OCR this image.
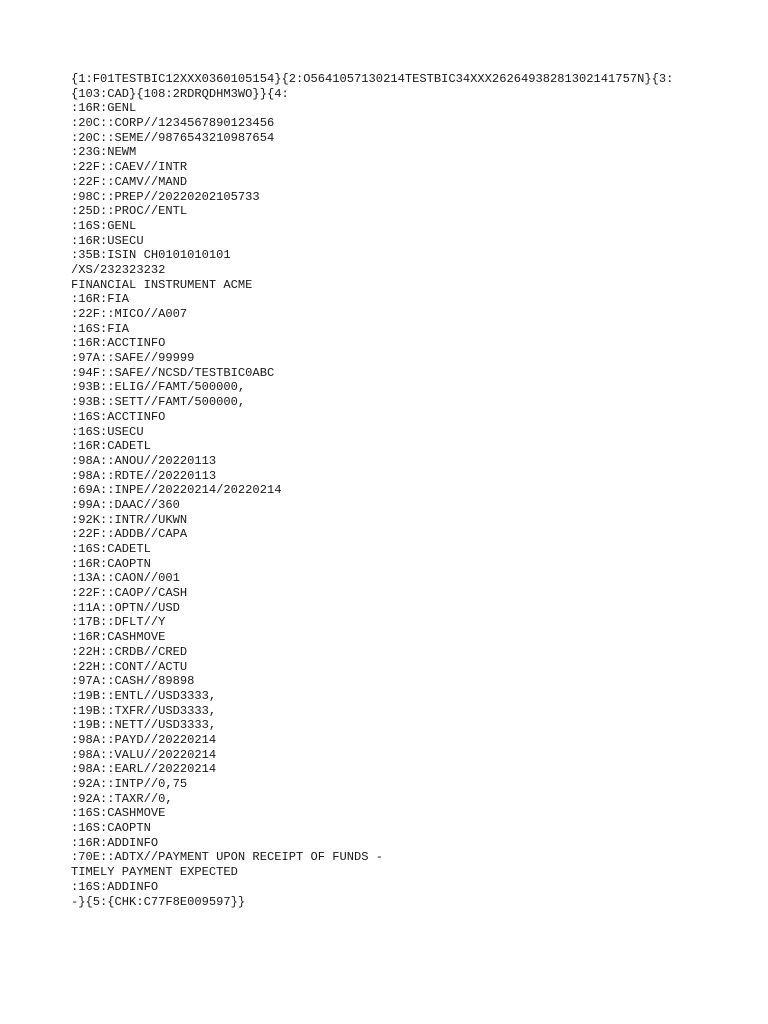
{1:F01TESTBIC12XXX0360105154}{2:O5641057130214TESTBIC34XXX26264938281302141757N}{3:
{103:CAD}{108:2RDRQDHM3WO}}{4:
:16R:GENL
:20C::CORP//1234567890123456
:20C::SEME//9876543210987654
:23G:NEWM
:22F::CAEV//INTR
:22F::CAMV//MAND
:98C::PREP//20220202105733
:25D::PROC//ENTL
:16S:GENL
:16R:USECU
:35B:ISIN CH0101010101
/XS/232323232
FINANCIAL INSTRUMENT ACME
:16R:FIA
:22F::MICO//A007
:16S:FIA
:16R:ACCTINFO
:97A::SAFE//99999
:94F::SAFE//NCSD/TESTBIC0ABC
:93B::ELIG//FAMT/500000,
:93B::SETT//FAMT/500000,
:16S:ACCTINFO
:16S:USECU
:16R:CADETL
:98A::ANOU//20220113
:98A::RDTE//20220113
:69A::INPE//20220214/20220214
:99A::DAAC//360
:92K::INTR//UKWN
:22F::ADDB//CAPA
:16S:CADETL
:16R:CAOPTN
:13A::CAON//001
:22F::CAOP//CASH
:11A::OPTN//USD
:17B::DFLT//Y
:16R:CASHMOVE
:22H::CRDB//CRED
:22H::CONT//ACTU
:97A::CASH//89898
:19B::ENTL//USD3333,
:19B::TXFR//USD3333,
:19B::NETT//USD3333,
:98A::PAYD//20220214
:98A::VALU//20220214
:98A::EARL//20220214
:92A::INTP//0,75
:92A::TAXR//0,
:16S:CASHMOVE
:16S:CAOPTN
:16R:ADDINFO
:70E::ADTX//PAYMENT UPON RECEIPT OF FUNDS -
TIMELY PAYMENT EXPECTED
:16S:ADDINFO
-}{5:{CHK:C77F8E009597}}
